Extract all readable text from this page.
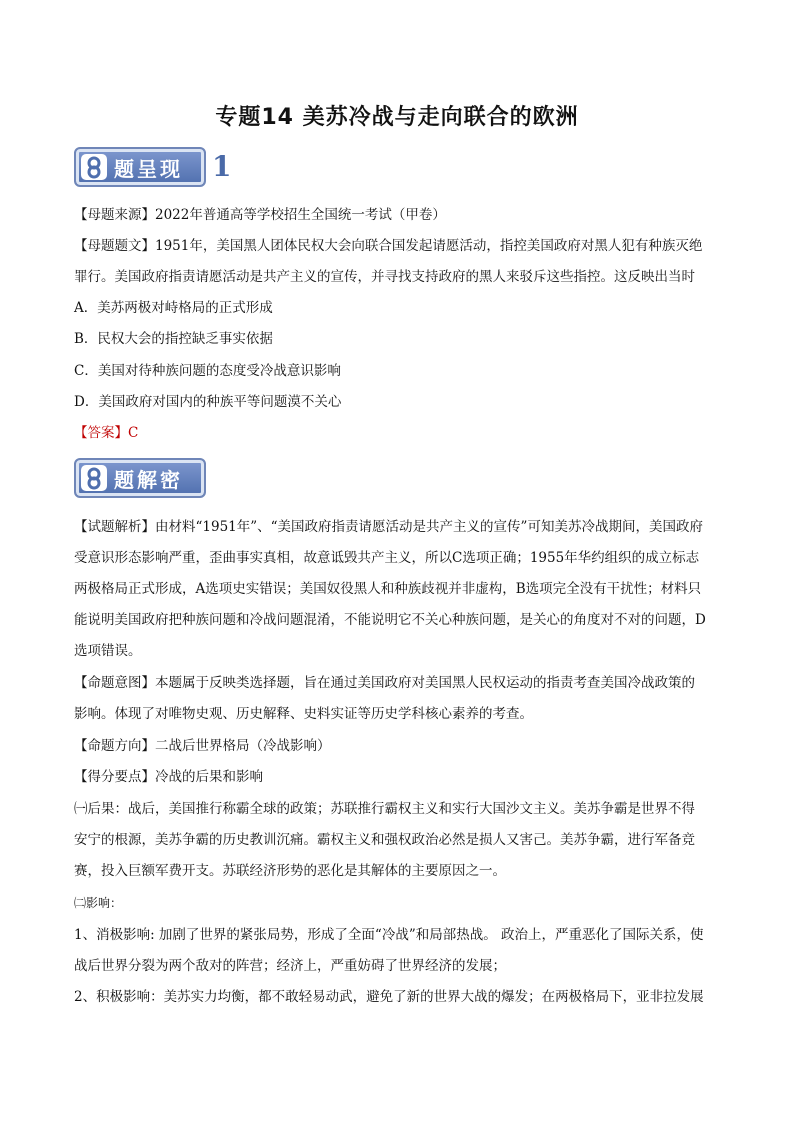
专题14 美苏冷战与走向联合的欧洲
题呈现 1
【母题来源】2022年普通高等学校招生全国统一考试（甲卷）
【母题题文】1951年，美国黑人团体民权大会向联合国发起请愿活动，指控美国政府对黑人犯有种族灭绝
罪行。美国政府指责请愿活动是共产主义的宣传，并寻找支持政府的黑人来驳斥这些指控。这反映出当时
A．美苏两极对峙格局的正式形成
B．民权大会的指控缺乏事实依据
C．美国对待种族问题的态度受冷战意识影响
D．美国政府对国内的种族平等问题漠不关心
【答案】C
题解密
【试题解析】由材料“1951年”、“美国政府指责请愿活动是共产主义的宣传”可知美苏冷战期间，美国政府
受意识形态影响严重，歪曲事实真相，故意诋毁共产主义，所以C选项正确；1955年华约组织的成立标志
两极格局正式形成，A选项史实错误；美国奴役黑人和种族歧视并非虚构，B选项完全没有干扰性；材料只
能说明美国政府把种族问题和冷战问题混淆，不能说明它不关心种族问题，是关心的角度对不对的问题，D
选项错误。
【命题意图】本题属于反映类选择题，旨在通过美国政府对美国黑人民权运动的指责考查美国冷战政策的
影响。体现了对唯物史观、历史解释、史料实证等历史学科核心素养的考查。
【命题方向】二战后世界格局（冷战影响）
【得分要点】冷战的后果和影响
㈠后果：战后，美国推行称霸全球的政策；苏联推行霸权主义和实行大国沙文主义。美苏争霸是世界不得
安宁的根源，美苏争霸的历史教训沉痛。霸权主义和强权政治必然是损人又害己。美苏争霸，进行军备竞
赛，投入巨额军费开支。苏联经济形势的恶化是其解体的主要原因之一。
㈡影响：
1、消极影响: 加剧了世界的紧张局势，形成了全面“冷战”和局部热战。 政治上，严重恶化了国际关系，使
战后世界分裂为两个敌对的阵营；经济上，严重妨碍了世界经济的发展；
2、积极影响：美苏实力均衡，都不敢轻易动武，避免了新的世界大战的爆发；在两极格局下，亚非拉发展
